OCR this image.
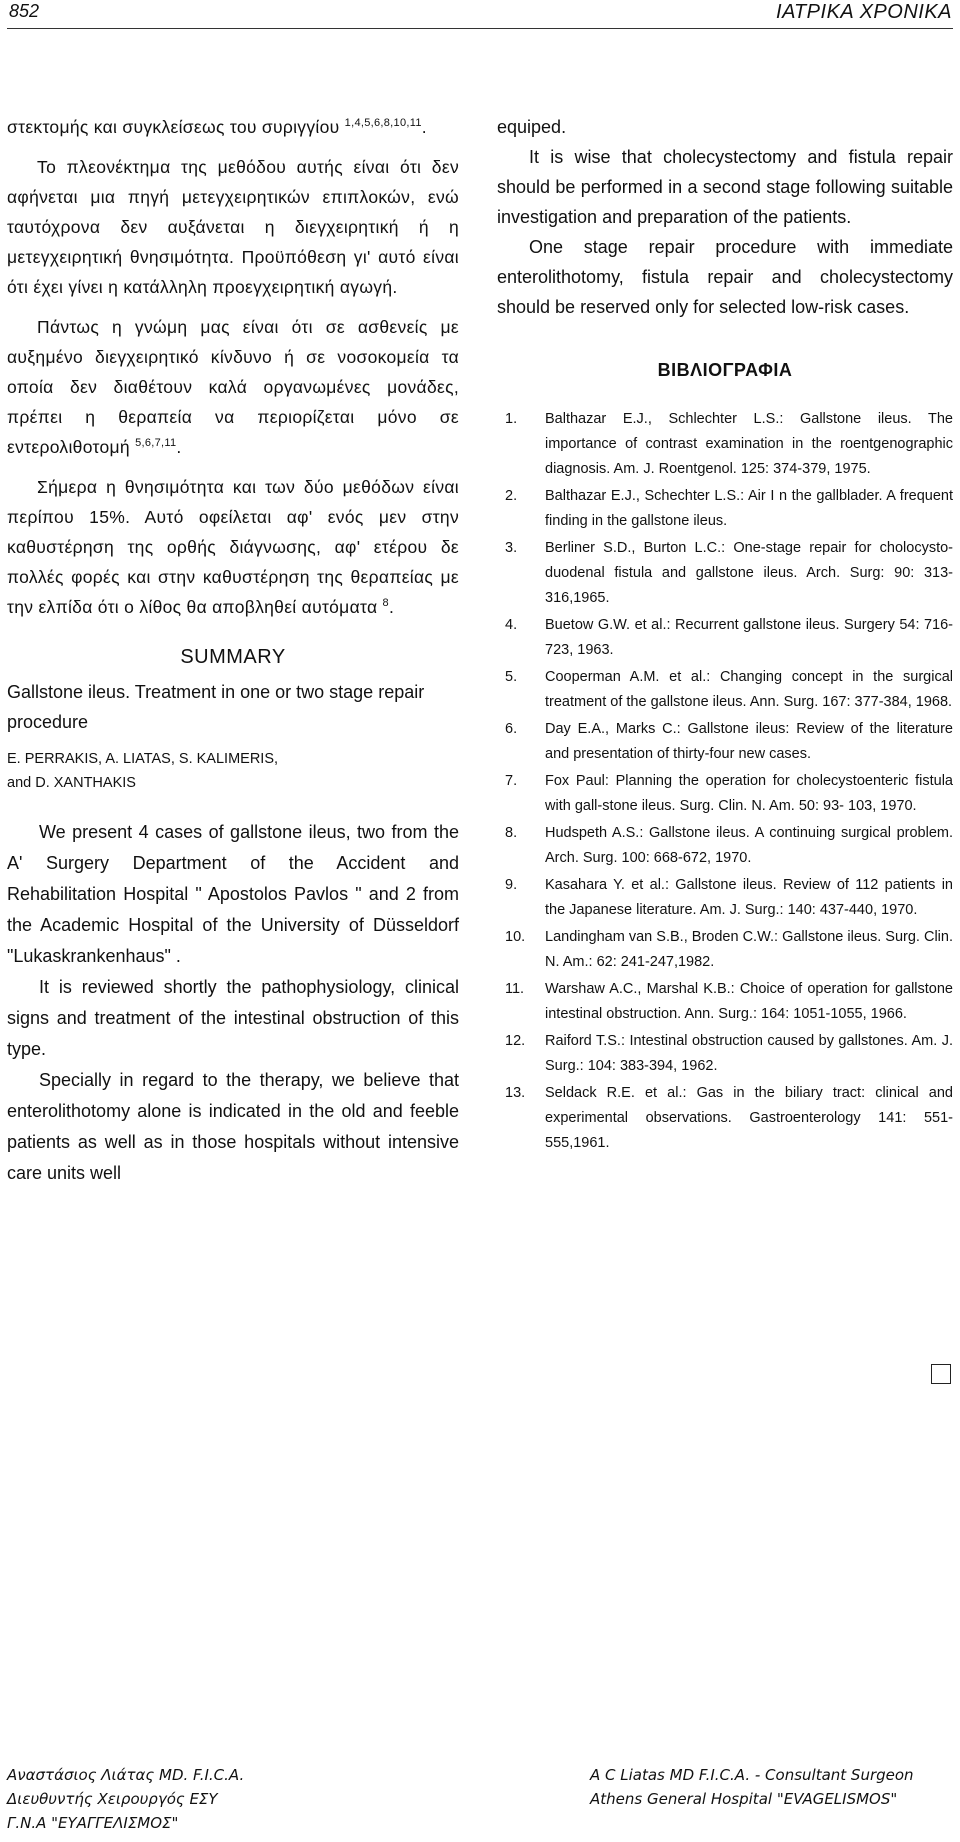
852	ΙΑΤΡΙΚΑ ΧΡΟΝΙΚΑ

στεκτομής και συγκλείσεως του συριγγίου $^{1,4,5,6,8,10,11}$.

Το πλεονέκτημα της μεθόδου αυτής είναι ότι δεν αφήνεται μια πηγή μετεγχειρητικών επιπλοκών, ενώ ταυτόχρονα δεν αυξάνεται η διεγχειρητική ή η μετεγχειρητική θνησιμότητα. Προϋπόθεση γι' αυτό είναι ότι έχει γίνει η κατάλληλη προεγχειρητική αγωγή.

Πάντως η γνώμη μας είναι ότι σε ασθενείς με αυξημένο διεγχειρητικό κίνδυνο ή σε νοσοκομεία τα οποία δεν διαθέτουν καλά οργανωμένες μονάδες, πρέπει η θεραπεία να περιορίζεται μόνο σε εντερολιθοτομή $^{5,6,7,11}$.

Σήμερα η θνησιμότητα και των δύο μεθόδων είναι περίπου 15%. Αυτό οφείλεται αφ' ενός μεν στην καθυστέρηση της ορθής διάγνωσης, αφ' ετέρου δε πολλές φορές και στην καθυστέρηση της θεραπείας με την ελπίδα ότι ο λίθος θα αποβληθεί αυτόματα $^8$.

SUMMARY

Gallstone ileus. Treatment in one or two stage repair procedure

E. PERRAKIS, A. LIATAS, S. KALIMERIS,
and D. XANTHAKIS

We present 4 cases of gallstone ileus, two from the A' Surgery Department of the Accident and Rehabilitation Hospital " Apostolos Pavlos " and 2 from the Academic Hospital of the University of Düsseldorf "Lukaskrankenhaus" .

It is reviewed shortly the pathophysiology, clinical signs and treatment of the intestinal obstruction of this type.

Specially in regard to the therapy, we believe that enterolithotomy alone is indicated in the old and feeble patients as well as in those hospitals without intensive care units well

equiped.

It is wise that cholecystectomy and fistula repair should be performed in a second stage following suitable investigation and preparation of the patients.

One stage repair procedure with immediate enterolithotomy, fistula repair and cholecystectomy should be reserved only for selected low-risk cases.

ΒΙΒΛΙΟΓΡΑΦΙΑ
1.	Balthazar E.J., Schlechter L.S.: Gallstone ileus. The importance of contrast examination in the roentgenographic diagnosis. Am. J. Roentgenol. 125: 374-379, 1975.
2.	Balthazar E.J., Schechter L.S.: Air I n the gallblader. A frequent finding in the gallstone ileus.
3.	Berliner S.D., Burton L.C.: One-stage repair for cholocysto-duodenal fistula and gallstone ileus. Arch. Surg: 90: 313-316,1965.
4.	Buetow G.W. et al.: Recurrent gallstone ileus. Surgery 54: 716-723, 1963.
5.	Cooperman A.M. et al.: Changing concept in the surgical treatment of the gallstone ileus. Ann. Surg. 167: 377-384, 1968.
6.	Day E.A., Marks C.: Gallstone ileus: Review of the literature and presentation of thirty-four new cases.
7.	Fox Paul: Planning the operation for cholecystoenteric fistula with gall-stone ileus. Surg. Clin. N. Am. 50: 93- 103, 1970.
8.	Hudspeth A.S.: Gallstone ileus. A continuing surgical problem. Arch. Surg. 100: 668-672, 1970.
9.	Kasahara Y. et al.: Gallstone ileus. Review of 112 patients in the Japanese literature. Am. J. Surg.: 140: 437-440, 1970.
10.	Landingham van S.B., Broden C.W.: Gallstone ileus. Surg. Clin. N. Am.: 62: 241-247,1982.
11.	Warshaw A.C., Marshal K.B.: Choice of operation for gallstone intestinal obstruction. Ann. Surg.: 164: 1051-1055, 1966.
12.	Raiford T.S.: Intestinal obstruction caused by gallstones. Am. J. Surg.: 104: 383-394, 1962.
13.	Seldack R.E. et al.: Gas in the biliary tract: clinical and experimental observations. Gastroenterology 141: 551-555,1961.
Αναστάσιος Λιάτας MD. F.I.C.A.
Διευθυντής Χειρουργός ΕΣΥ
Γ.Ν.Α "ΕΥΑΓΓΕΛΙΣΜΟΣ"
A C Liatas MD F.I.C.A. - Consultant Surgeon
Athens General Hospital "EVAGELISMOS"
